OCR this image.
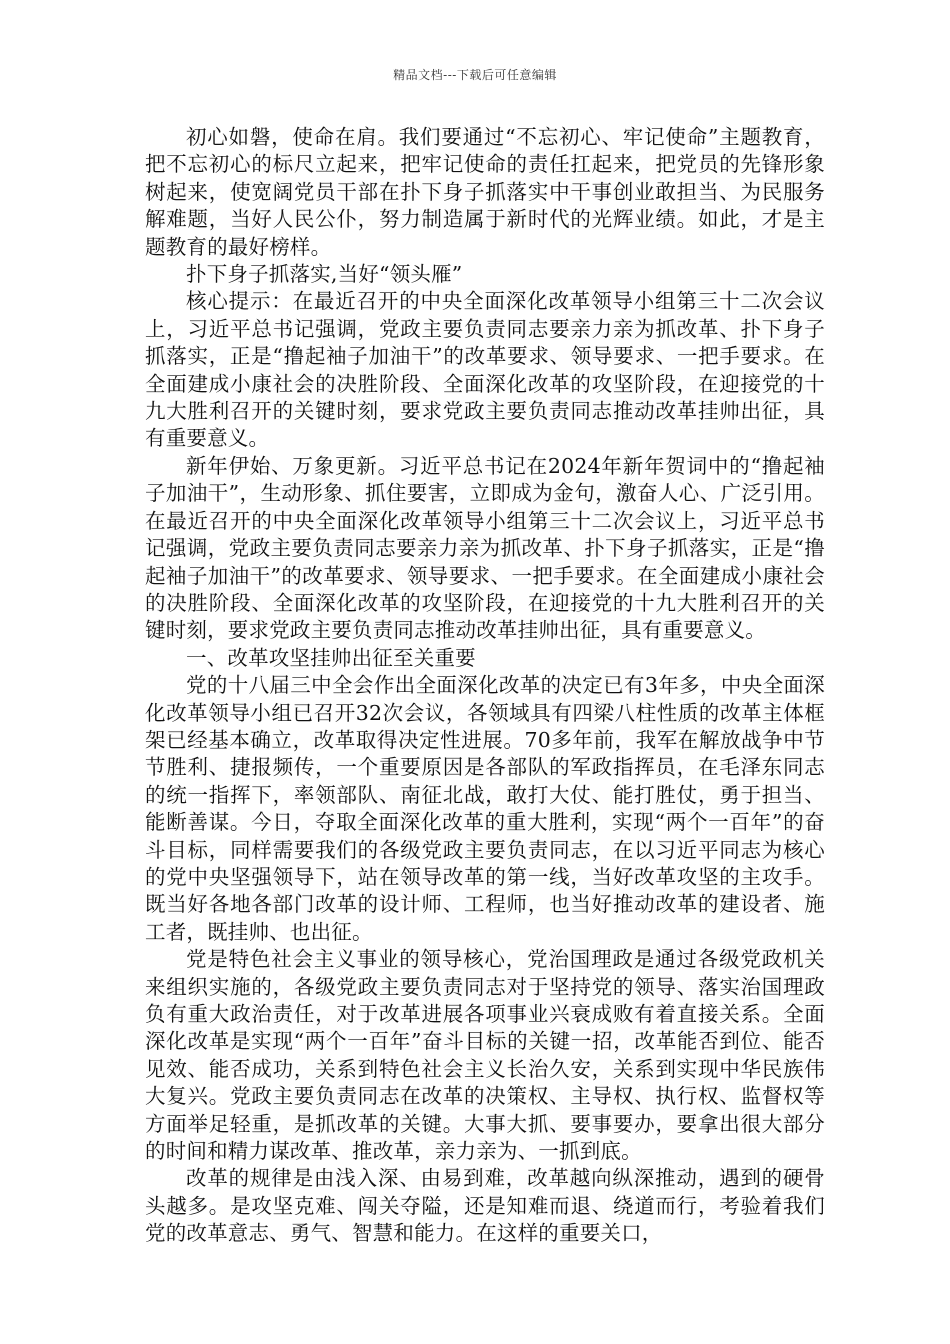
精品文档---下载后可任意编辑

初心如磐，使命在肩。我们要通过“不忘初心、牢记使命”主题教育，把不忘初心的标尺立起来，把牢记使命的责任扛起来，把党员的先锋形象树起来，使宽阔党员干部在扑下身子抓落实中干事创业敢担当、为民服务解难题，当好人民公仆，努力制造属于新时代的光辉业绩。如此，才是主题教育的最好榜样。

扑下身子抓落实,当好“领头雁”

核心提示：在最近召开的中央全面深化改革领导小组第三十二次会议上，习近平总书记强调，党政主要负责同志要亲力亲为抓改革、扑下身子抓落实，正是“撸起袖子加油干”的改革要求、领导要求、一把手要求。在全面建成小康社会的决胜阶段、全面深化改革的攻坚阶段，在迎接党的十九大胜利召开的关键时刻，要求党政主要负责同志推动改革挂帅出征，具有重要意义。

新年伊始、万象更新。习近平总书记在2024年新年贺词中的“撸起袖子加油干”，生动形象、抓住要害，立即成为金句，激奋人心、广泛引用。在最近召开的中央全面深化改革领导小组第三十二次会议上，习近平总书记强调，党政主要负责同志要亲力亲为抓改革、扑下身子抓落实，正是“撸起袖子加油干”的改革要求、领导要求、一把手要求。在全面建成小康社会的决胜阶段、全面深化改革的攻坚阶段，在迎接党的十九大胜利召开的关键时刻，要求党政主要负责同志推动改革挂帅出征，具有重要意义。

一、改革攻坚挂帅出征至关重要

党的十八届三中全会作出全面深化改革的决定已有3年多，中央全面深化改革领导小组已召开32次会议，各领域具有四梁八柱性质的改革主体框架已经基本确立，改革取得决定性进展。70多年前，我军在解放战争中节节胜利、捷报频传，一个重要原因是各部队的军政指挥员，在毛泽东同志的统一指挥下，率领部队、南征北战，敢打大仗、能打胜仗，勇于担当、能断善谋。今日，夺取全面深化改革的重大胜利，实现“两个一百年”的奋斗目标，同样需要我们的各级党政主要负责同志，在以习近平同志为核心的党中央坚强领导下，站在领导改革的第一线，当好改革攻坚的主攻手。既当好各地各部门改革的设计师、工程师，也当好推动改革的建设者、施工者，既挂帅、也出征。

党是特色社会主义事业的领导核心，党治国理政是通过各级党政机关来组织实施的，各级党政主要负责同志对于坚持党的领导、落实治国理政负有重大政治责任，对于改革进展各项事业兴衰成败有着直接关系。全面深化改革是实现“两个一百年”奋斗目标的关键一招，改革能否到位、能否见效、能否成功，关系到特色社会主义长治久安，关系到实现中华民族伟大复兴。党政主要负责同志在改革的决策权、主导权、执行权、监督权等方面举足轻重，是抓改革的关键。大事大抓、要事要办，要拿出很大部分的时间和精力谋改革、推改革，亲力亲为、一抓到底。

改革的规律是由浅入深、由易到难，改革越向纵深推动，遇到的硬骨头越多。是攻坚克难、闯关夺隘，还是知难而退、绕道而行，考验着我们党的改革意志、勇气、智慧和能力。在这样的重要关口，
